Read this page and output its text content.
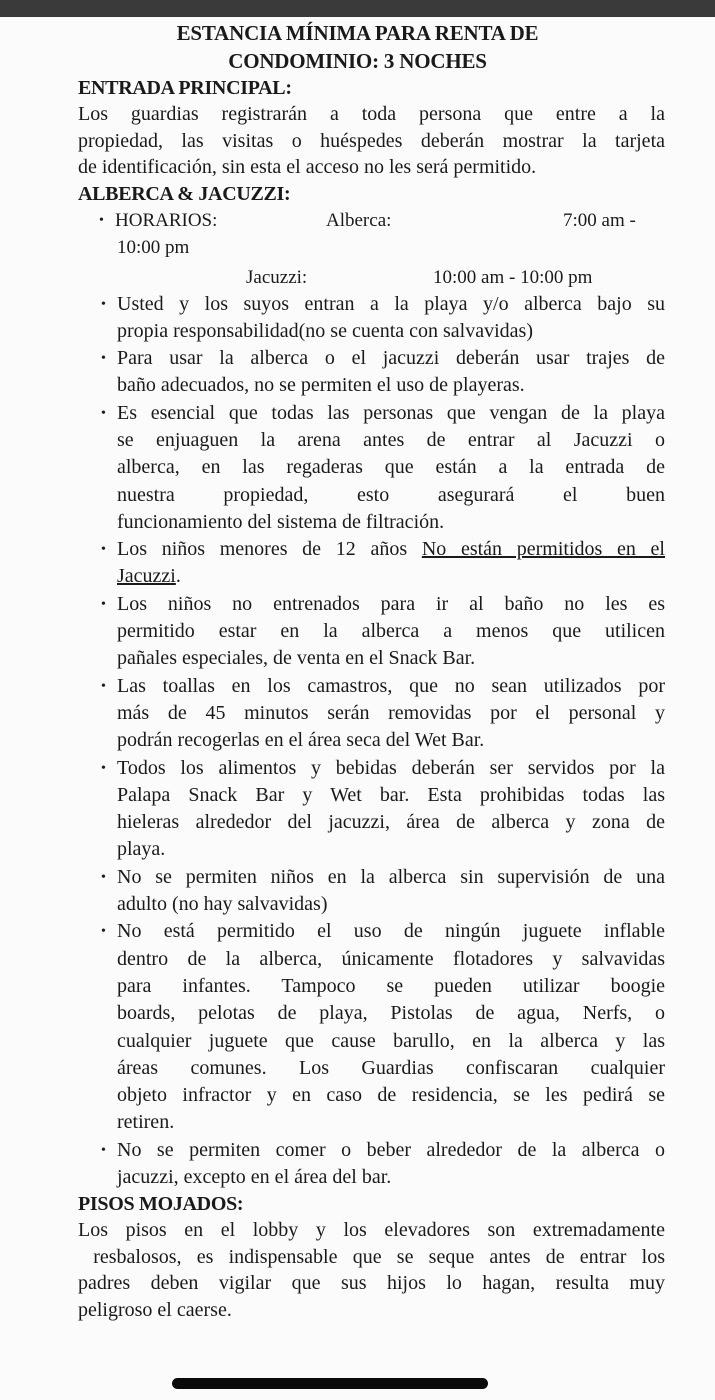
ESTANCIA MÍNIMA PARA RENTA DE
CONDOMINIO: 3 NOCHES
ENTRADA PRINCIPAL:
Los guardias registrarán a toda persona que entre a la
propiedad, las visitas o huéspedes deberán mostrar la tarjeta
de identificación, sin esta el acceso no les será permitido.
ALBERCA & JACUZZI:
• HORARIOS:	Alberca:	7:00 am -
10:00 pm
Jacuzzi:	10:00 am - 10:00 pm
• Usted y los suyos entran a la playa y/o alberca bajo su
propia responsabilidad(no se cuenta con salvavidas)
• Para usar la alberca o el jacuzzi deberán usar trajes de
baño adecuados, no se permiten el uso de playeras.
• Es esencial que todas las personas que vengan de la playa
se enjuaguen la arena antes de entrar al Jacuzzi o
alberca, en las regaderas que están a la entrada de
nuestra propiedad, esto asegurará el buen
funcionamiento del sistema de filtración.
• Los niños menores de 12 años No están permitidos en el
Jacuzzi.
• Los niños no entrenados para ir al baño no les es
permitido estar en la alberca a menos que utilicen
pañales especiales, de venta en el Snack Bar.
• Las toallas en los camastros, que no sean utilizados por
más de 45 minutos serán removidas por el personal y
podrán recogerlas en el área seca del Wet Bar.
• Todos los alimentos y bebidas deberán ser servidos por la
Palapa Snack Bar y Wet bar. Esta prohibidas todas las
hieleras alrededor del jacuzzi, área de alberca y zona de
playa.
• No se permiten niños en la alberca sin supervisión de una
adulto (no hay salvavidas)
• No está permitido el uso de ningún juguete inflable
dentro de la alberca, únicamente flotadores y salvavidas
para infantes. Tampoco se pueden utilizar boogie
boards, pelotas de playa, Pistolas de agua, Nerfs, o
cualquier juguete que cause barullo, en la alberca y las
áreas comunes. Los Guardias confiscaran cualquier
objeto infractor y en caso de residencia, se les pedirá se
retiren.
• No se permiten comer o beber alrededor de la alberca o
jacuzzi, excepto en el área del bar.
PISOS MOJADOS:
Los pisos en el lobby y los elevadores son extremadamente
resbalosos, es indispensable que se seque antes de entrar los
padres deben vigilar que sus hijos lo hagan, resulta muy
peligroso el caerse.
